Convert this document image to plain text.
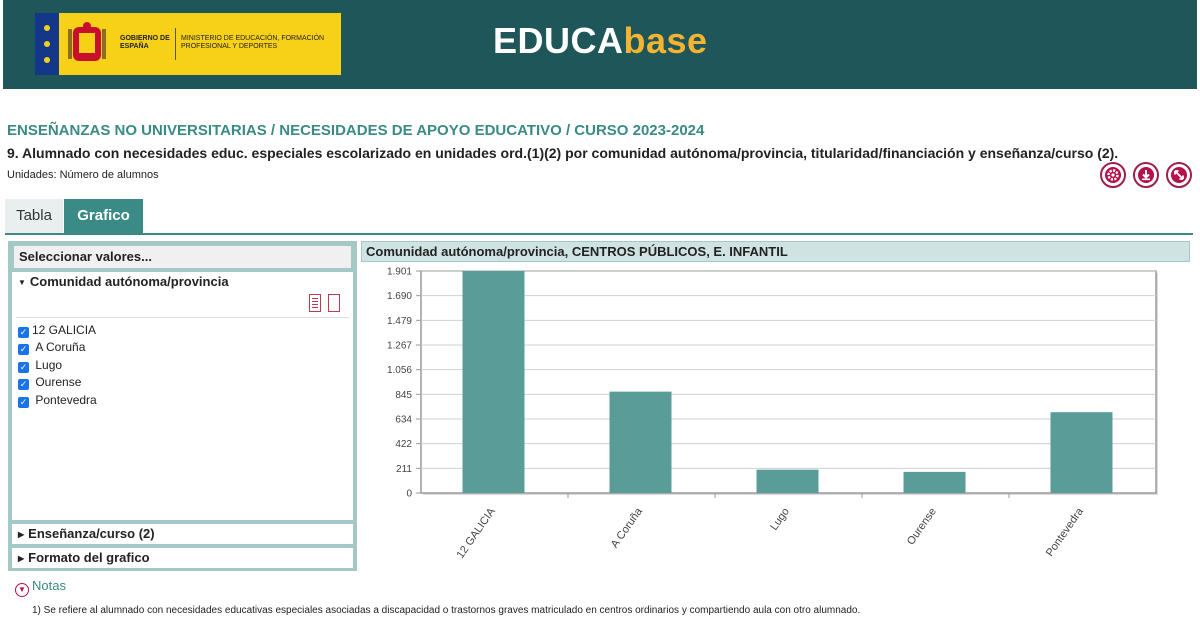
GOBIERNO DE ESPAÑA
MINISTERIO DE EDUCACIÓN, FORMACIÓN PROFESIONAL Y DEPORTES	EDUCAbase
ENSEÑANZAS NO UNIVERSITARIAS / NECESIDADES DE APOYO EDUCATIVO / CURSO 2023-2024
9. Alumnado con necesidades educ. especiales escolarizado en unidades ord.(1)(2) por comunidad autónoma/provincia, titularidad/financiación y enseñanza/curso (2).
Unidades: Número de alumnos
Tabla	Grafico
Seleccionar valores...
▼ Comunidad autónoma/provincia
✓ 12 GALICIA
✓ A Coruña
✓ Lugo
✓ Ourense
✓ Pontevedra
▶ Enseñanza/curso (2)
▶ Formato del grafico
Comunidad autónoma/provincia, CENTROS PÚBLICOS, E. INFANTIL
0
211
422
634
845
1.056
1.267
1.479
1.690
1.901
12 GALICIA	A Coruña	Lugo	Ourense	Pontevedra
▼ Notas
1) Se refiere al alumnado con necesidades educativas especiales asociadas a discapacidad o trastornos graves matriculado en centros ordinarios y compartiendo aula con otro alumnado.
